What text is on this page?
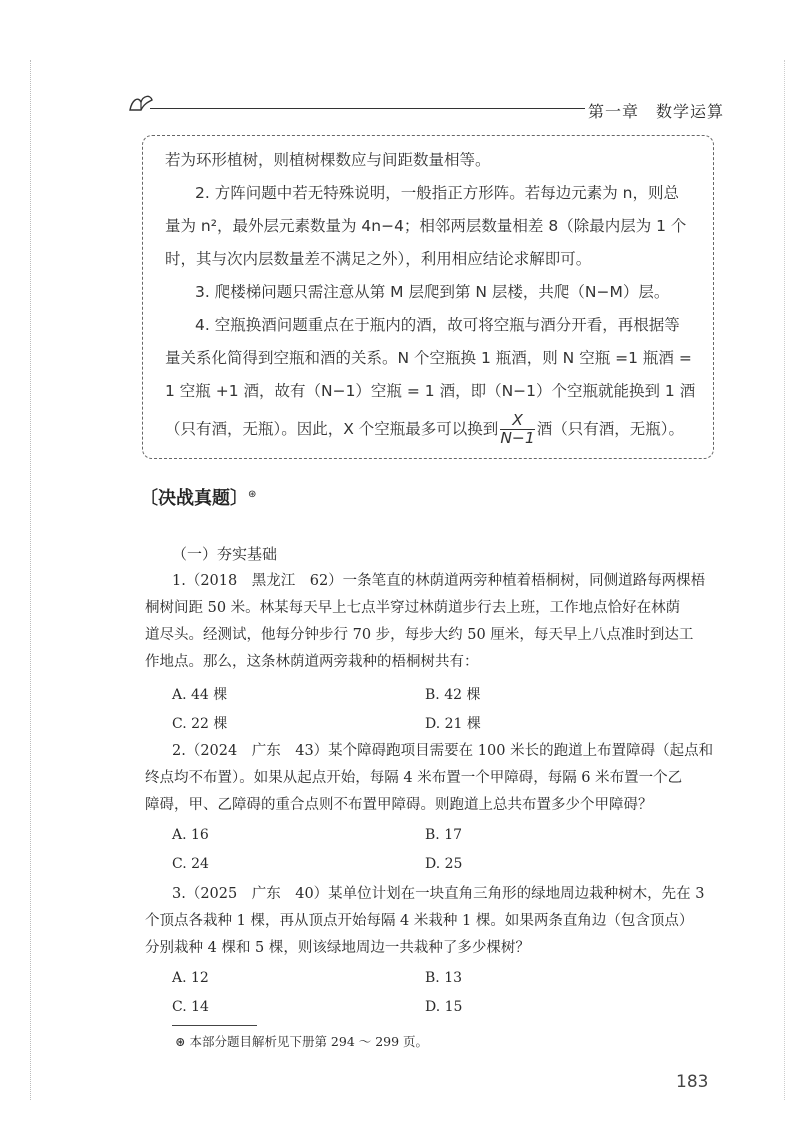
第一章　数学运算
若为环形植树，则植树棵数应与间距数量相等。
2. 方阵问题中若无特殊说明，一般指正方形阵。若每边元素为 n，则总
量为 n²，最外层元素数量为 4n−4；相邻两层数量相差 8（除最内层为 1 个
时，其与次内层数量差不满足之外），利用相应结论求解即可。
3. 爬楼梯问题只需注意从第 M 层爬到第 N 层楼，共爬（N−M）层。
4. 空瓶换酒问题重点在于瓶内的酒，故可将空瓶与酒分开看，再根据等
量关系化简得到空瓶和酒的关系。N 个空瓶换 1 瓶酒，则 N 空瓶 =1 瓶酒 =
1 空瓶 +1 酒，故有（N−1）空瓶 = 1 酒，即（N−1）个空瓶就能换到 1 酒
（只有酒，无瓶）。因此，X 个空瓶最多可以换到 $\frac{X}{N-1}$ 酒（只有酒，无瓶）。
〔决战真题〕⊛
（一）夯实基础
1.（2018　黑龙江　62）一条笔直的林荫道两旁种植着梧桐树，同侧道路每两棵梧
桐树间距 50 米。林某每天早上七点半穿过林荫道步行去上班，工作地点恰好在林荫
道尽头。经测试，他每分钟步行 70 步，每步大约 50 厘米，每天早上八点准时到达工
作地点。那么，这条林荫道两旁栽种的梧桐树共有：
A. 44 棵	B. 42 棵
C. 22 棵	D. 21 棵
2.（2024　广东　43）某个障碍跑项目需要在 100 米长的跑道上布置障碍（起点和
终点均不布置）。如果从起点开始，每隔 4 米布置一个甲障碍，每隔 6 米布置一个乙
障碍，甲、乙障碍的重合点则不布置甲障碍。则跑道上总共布置多少个甲障碍？
A. 16	B. 17
C. 24	D. 25
3.（2025　广东　40）某单位计划在一块直角三角形的绿地周边栽种树木，先在 3
个顶点各栽种 1 棵，再从顶点开始每隔 4 米栽种 1 棵。如果两条直角边（包含顶点）
分别栽种 4 棵和 5 棵，则该绿地周边一共栽种了多少棵树？
A. 12	B. 13
C. 14	D. 15
⊛ 本部分题目解析见下册第 294 ～ 299 页。
183
